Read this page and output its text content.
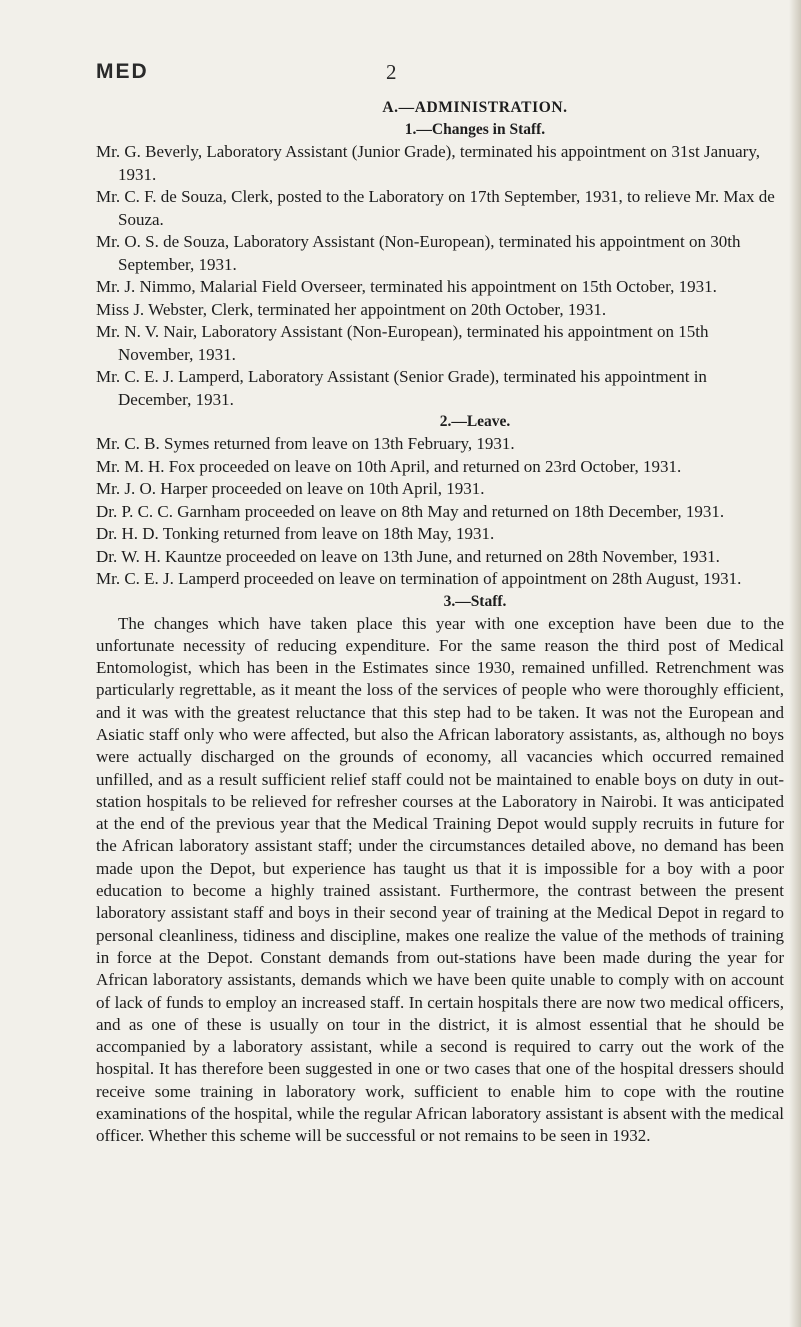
MED	2
A.—ADMINISTRATION.
1.—Changes in Staff.

Mr. G. Beverly, Laboratory Assistant (Junior Grade), terminated his appointment on 31st January, 1931.

Mr. C. F. de Souza, Clerk, posted to the Laboratory on 17th September, 1931, to relieve Mr. Max de Souza.

Mr. O. S. de Souza, Laboratory Assistant (Non-European), terminated his appointment on 30th September, 1931.

Mr. J. Nimmo, Malarial Field Overseer, terminated his appointment on 15th October, 1931.

Miss J. Webster, Clerk, terminated her appointment on 20th October, 1931.

Mr. N. V. Nair, Laboratory Assistant (Non-European), terminated his appointment on 15th November, 1931.

Mr. C. E. J. Lamperd, Laboratory Assistant (Senior Grade), terminated his appointment in December, 1931.

2.—Leave.

Mr. C. B. Symes returned from leave on 13th February, 1931.

Mr. M. H. Fox proceeded on leave on 10th April, and returned on 23rd October, 1931.

Mr. J. O. Harper proceeded on leave on 10th April, 1931.

Dr. P. C. C. Garnham proceeded on leave on 8th May and returned on 18th December, 1931.

Dr. H. D. Tonking returned from leave on 18th May, 1931.

Dr. W. H. Kauntze proceeded on leave on 13th June, and returned on 28th November, 1931.

Mr. C. E. J. Lamperd proceeded on leave on termination of appointment on 28th August, 1931.

3.—Staff.

The changes which have taken place this year with one exception have been due to the unfortunate necessity of reducing expenditure. For the same reason the third post of Medical Entomologist, which has been in the Estimates since 1930, remained unfilled. Retrenchment was particularly regrettable, as it meant the loss of the services of people who were thoroughly efficient, and it was with the greatest reluctance that this step had to be taken. It was not the European and Asiatic staff only who were affected, but also the African laboratory assistants, as, although no boys were actually discharged on the grounds of economy, all vacancies which occurred remained unfilled, and as a result sufficient relief staff could not be maintained to enable boys on duty in out-station hospitals to be relieved for refresher courses at the Laboratory in Nairobi. It was anticipated at the end of the previous year that the Medical Training Depot would supply recruits in future for the African laboratory assistant staff; under the circumstances detailed above, no demand has been made upon the Depot, but experience has taught us that it is impossible for a boy with a poor education to become a highly trained assistant. Furthermore, the contrast between the present laboratory assistant staff and boys in their second year of training at the Medical Depot in regard to personal cleanliness, tidiness and discipline, makes one realize the value of the methods of training in force at the Depot. Constant demands from out-stations have been made during the year for African laboratory assistants, demands which we have been quite unable to comply with on account of lack of funds to employ an increased staff. In certain hospitals there are now two medical officers, and as one of these is usually on tour in the district, it is almost essential that he should be accompanied by a laboratory assistant, while a second is required to carry out the work of the hospital. It has therefore been suggested in one or two cases that one of the hospital dressers should receive some training in laboratory work, sufficient to enable him to cope with the routine examinations of the hospital, while the regular African laboratory assistant is absent with the medical officer. Whether this scheme will be successful or not remains to be seen in 1932.
